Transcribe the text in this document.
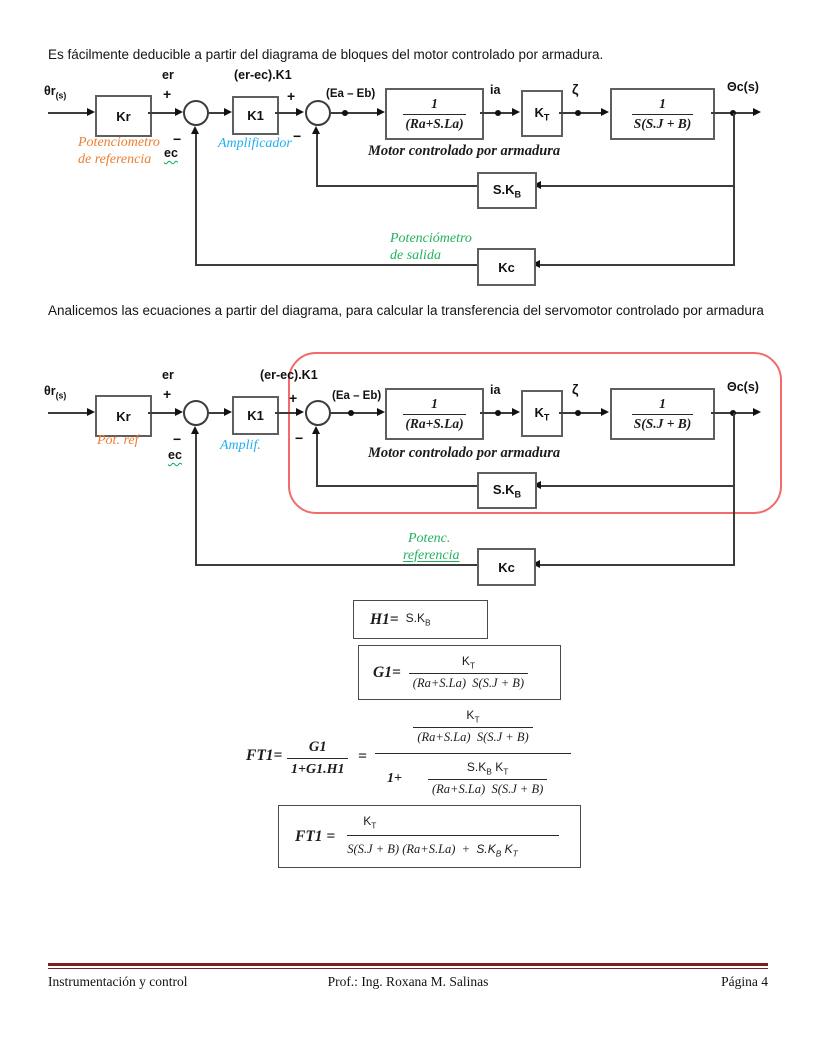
Es fácilmente deducible a partir del diagrama de bloques del motor controlado por armadura.
$\theta r_{(s)}$
Kr
er
+
−
ec
K1
(er-ec).K1
+
−
(Ea – Eb)
1
(Ra+S.La)
ia
$K_T$
ζ
1
S(S.J + B)
Θc(s)
Potenciometro
de referencia
Amplificador	Motor controlado por armadura
$S.K_B$
Potenciómetro
de salida
Kc
Analicemos las ecuaciones a partir del diagrama, para calcular la transferencia del servomotor controlado por armadura
$\theta r_{(s)}$
Kr
er
+
−
ec
K1
(er-ec).K1
+
−
(Ea – Eb)
1
(Ra+S.La)
ia
$K_T$
ζ
1
S(S.J + B)
Θc(s)
Pot. ref	Amplif.	Motor controlado por armadura
$S.K_B$
Potenc.
referencia
Kc
$H1= S.K_B$
$G1= \frac{K_T}{(Ra+S.La) S(S.J + B)}$
$FT1= \frac{G1}{1+G1.H1}$ =
$\frac{K_T}{(Ra+S.La) S(S.J + B)}$
$1+ \frac{S.K_B K_T}{(Ra+S.La) S(S.J + B)}$
$FT1 = \frac{K_T}{S(S.J + B) (Ra+S.La) + S.K_B K_T}$
Instrumentación y control	Prof.: Ing. Roxana M. Salinas	Página 4
